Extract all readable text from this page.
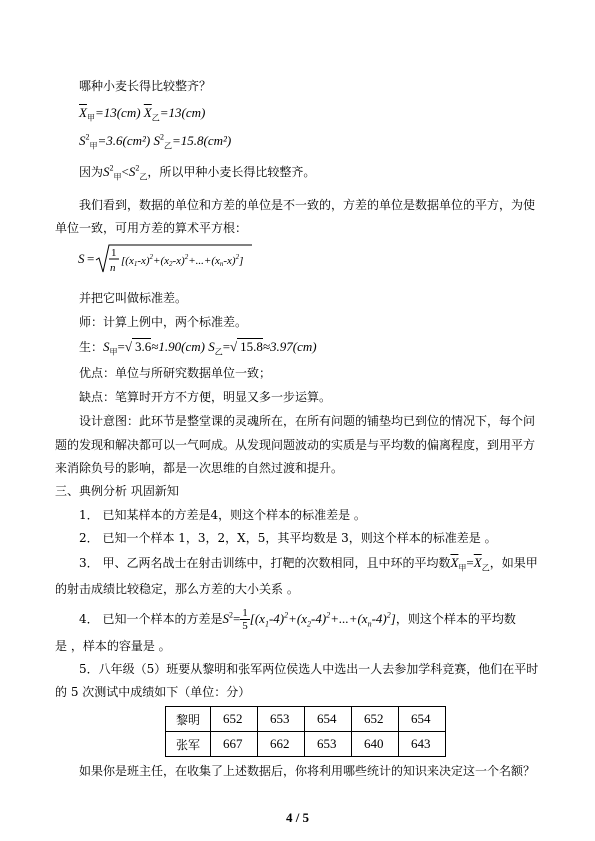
哪种小麦长得比较整齐？
$\overline{X}_甲=13(cm)$ $\overline{X}_乙=13(cm)$
$S^2_甲=3.6(cm^2)$ $S^2_乙=15.8(cm^2)$
因为$S^2_甲<S^2_乙$，所以甲种小麦长得比较整齐。
我们看到，数据的单位和方差的单位是不一致的，方差的单位是数据单位的平方，为使
单位一致，可用方差的算术平方根：
S = 1
n
$[(x1-x)^2+(x2-x)^2+...+(xn-x)^2]$
并把它叫做标准差。
师：计算上例中，两个标准差。
生：$S_甲=√$ 3.6≈1.90(cm) $S_乙=√$ 15.8≈3.97(cm)
优点：单位与所研究数据单位一致；
缺点：笔算时开方不方便，明显又多一步运算。
设计意图：此环节是整堂课的灵魂所在，在所有问题的铺垫均已到位的情况下，每个问
题的发现和解决都可以一气呵成。从发现问题波动的实质是与平均数的偏离程度，到用平方
来消除负号的影响，都是一次思维的自然过渡和提升。
三、典例分析 巩固新知
1． 已知某样本的方差是4，则这个样本的标准差是 。
2． 已知一个样本 1，3，2，X，5，其平均数是 3，则这个样本的标准差是 。
3． 甲、乙两名战士在射击训练中，打靶的次数相同，且中环的平均数$\overline{X}_甲=\overline{X}_乙$，如果甲
的射击成绩比较稳定，那么方差的大小关系 。
4． 已知一个样本的方差是$S^2= \frac{1}{5} [(x_1-4)^2+(x_2-4)^2+...+(x_n-4)^2]$，则这个样本的平均数
是 ，样本的容量是 。
5．八年级（5）班要从黎明和张军两位侯选人中选出一人去参加学科竞赛，他们在平时
的 5 次测试中成绩如下（单位：分）
黎明	652	653	654	652	654
张军	667	662	653	640	643
如果你是班主任，在收集了上述数据后，你将利用哪些统计的知识来决定这一个名额？
4 / 5
